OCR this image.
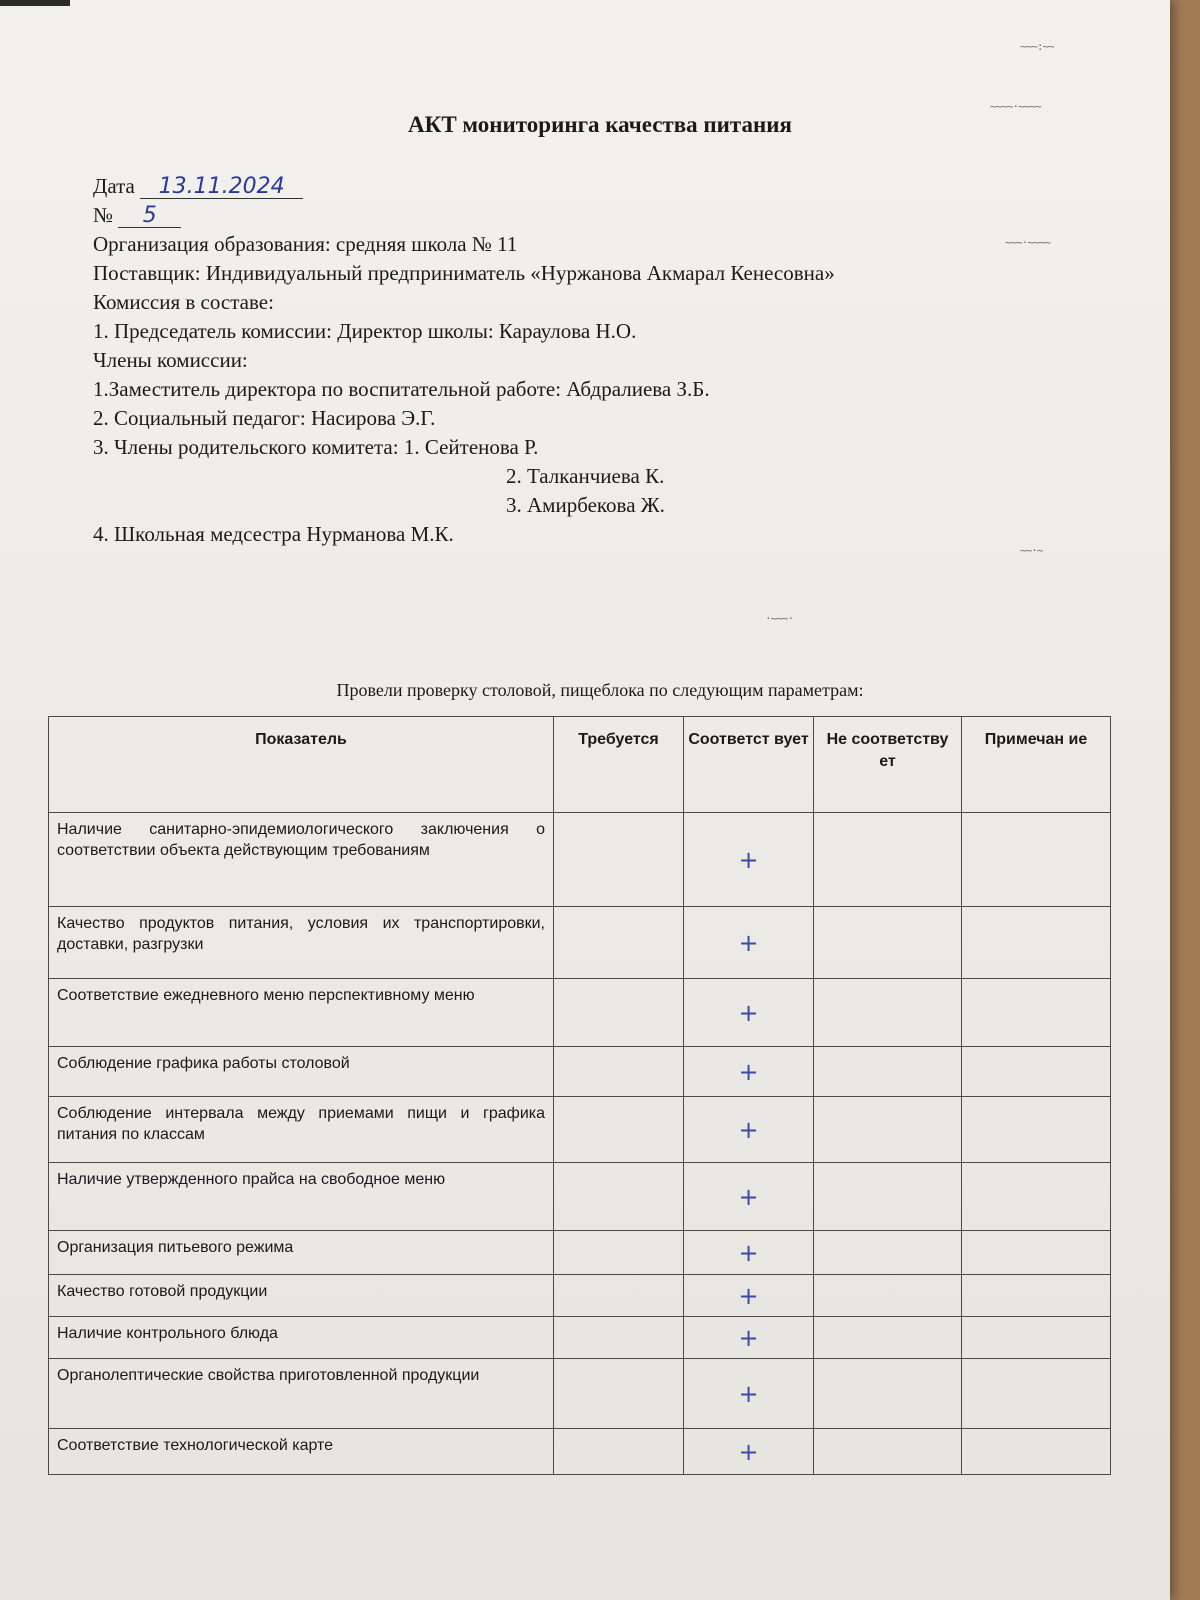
~~~:~~
~~~~·~~~~
~~~·~~~~
~~·~
·~~~·
АКТ мониторинга качества питания
Дата 13.11.2024
№ 5
Организация образования: средняя школа № 11
Поставщик: Индивидуальный предприниматель «Нуржанова Акмарал Кенесовна»
Комиссия в составе:
1. Председатель комиссии: Директор школы: Караулова Н.О.
Члены комиссии:
1.Заместитель директора по воспитательной работе: Абдралиева З.Б.
2. Социальный педагог: Насирова Э.Г.
3. Члены родительского комитета: 1. Сейтенова Р.
2. Талканчиева К.
3. Амирбекова Ж.
4. Школьная медсестра Нурманова М.К.
Провели проверку столовой, пищеблока по следующим параметрам:
Показатель	Требуется	Соответст вует	Не соответству ет	Примечан ие
Наличие санитарно-эпидемиологического заключения о соответствии объекта действующим требованиям		+		
Качество продуктов питания, условия их транспортировки, доставки, разгрузки		+		
Соответствие ежедневного меню перспективному меню		+		
Соблюдение графика работы столовой		+		
Соблюдение интервала между приемами пищи и графика питания по классам		+		
Наличие утвержденного прайса на свободное меню		+		
Организация питьевого режима		+		
Качество готовой продукции		+		
Наличие контрольного блюда		+		
Органолептические свойства приготовленной продукции		+		
Соответствие технологической карте		+		
